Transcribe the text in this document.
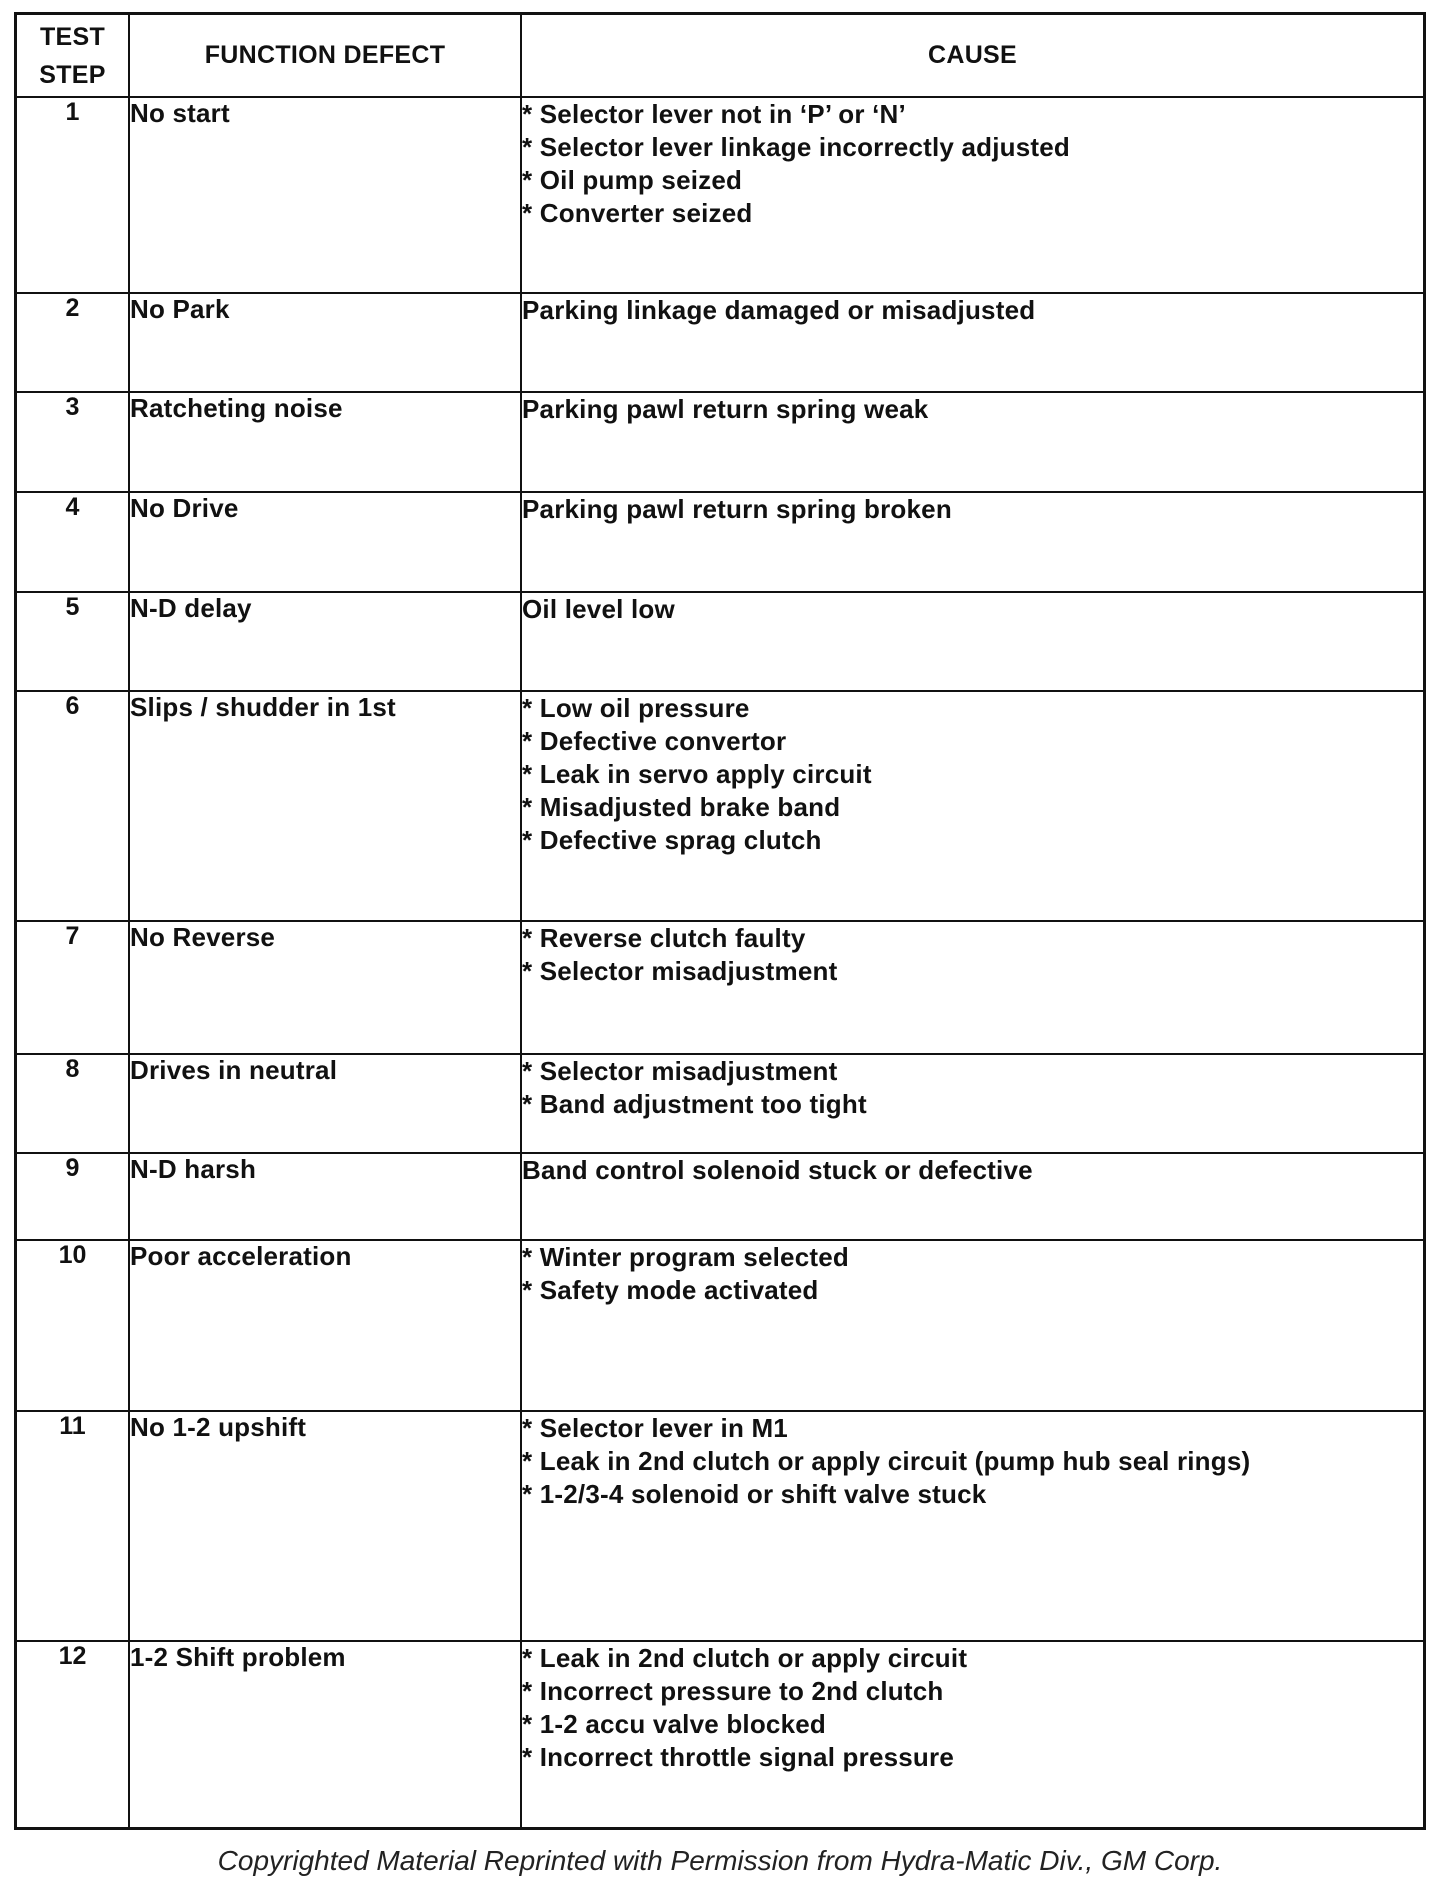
TEST
STEP	FUNCTION DEFECT	CAUSE
1	No start	* Selector lever not in ‘P’ or ‘N’
* Selector lever linkage incorrectly adjusted
* Oil pump seized
* Converter seized

2	No Park	Parking linkage damaged or misadjusted

3	Ratcheting noise	Parking pawl return spring weak

4	No Drive	Parking pawl return spring broken

5	N-D delay	Oil level low

6	Slips / shudder in 1st	* Low oil pressure
* Defective convertor
* Leak in servo apply circuit
* Misadjusted brake band
* Defective sprag clutch

7	No Reverse	* Reverse clutch faulty
* Selector misadjustment

8	Drives in neutral	* Selector misadjustment
* Band adjustment too tight

9	N-D harsh	Band control solenoid stuck or defective

10	Poor acceleration	* Winter program selected
* Safety mode activated

11	No 1-2 upshift	* Selector lever in M1
* Leak in 2nd clutch or apply circuit (pump hub seal rings)
* 1-2/3-4 solenoid or shift valve stuck

12	1-2 Shift problem	* Leak in 2nd clutch or apply circuit
* Incorrect pressure to 2nd clutch
* 1-2 accu valve blocked
* Incorrect throttle signal pressure
Copyrighted Material Reprinted with Permission from Hydra-Matic Div., GM Corp.
